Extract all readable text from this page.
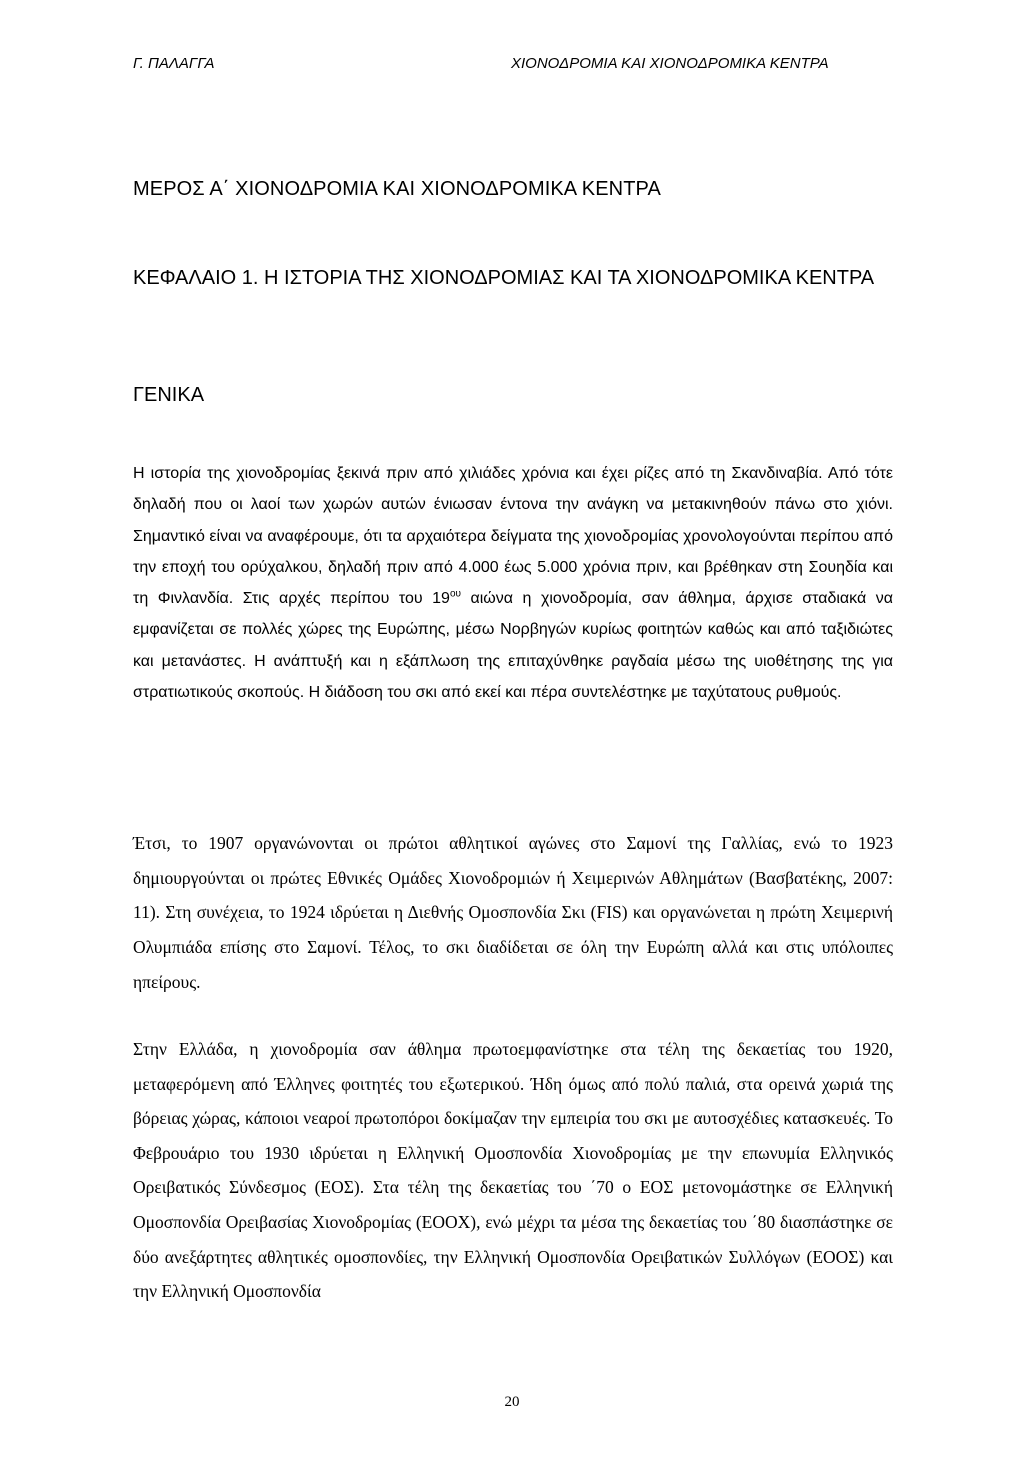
Γ. ΠΑΛΑΓΓΑ	ΧΙΟΝΟΔΡΟΜΙΑ ΚΑΙ ΧΙΟΝΟΔΡΟΜΙΚΑ ΚΕΝΤΡΑ
ΜΕΡΟΣ Α΄ ΧΙΟΝΟΔΡΟΜΙΑ ΚΑΙ ΧΙΟΝΟΔΡΟΜΙΚΑ ΚΕΝΤΡΑ
ΚΕΦΑΛΑΙΟ 1. Η ΙΣΤΟΡΙΑ ΤΗΣ ΧΙΟΝΟΔΡΟΜΙΑΣ ΚΑΙ ΤΑ ΧΙΟΝΟΔΡΟΜΙΚΑ ΚΕΝΤΡΑ
ΓΕΝΙΚΑ

Η ιστορία της χιονοδρομίας ξεκινά πριν από χιλιάδες χρόνια και έχει ρίζες από τη Σκανδιναβία. Από τότε δηλαδή που οι λαοί των χωρών αυτών ένιωσαν έντονα την ανάγκη να μετακινηθούν πάνω στο χιόνι. Σημαντικό είναι να αναφέρουμε, ότι τα αρχαιότερα δείγματα της χιονοδρομίας χρονολογούνται περίπου από την εποχή του ορύχαλκου, δηλαδή πριν από 4.000 έως 5.000 χρόνια πριν, και βρέθηκαν στη Σουηδία και τη Φινλανδία. Στις αρχές περίπου του $19^{o\upsilon}$ αιώνα η χιονοδρομία, σαν άθλημα, άρχισε σταδιακά να εμφανίζεται σε πολλές χώρες της Ευρώπης, μέσω Νορβηγών κυρίως φοιτητών καθώς και από ταξιδιώτες και μετανάστες. Η ανάπτυξή και η εξάπλωση της επιταχύνθηκε ραγδαία μέσω της υιοθέτησης της για στρατιωτικούς σκοπούς. Η διάδοση του σκι από εκεί και πέρα συντελέστηκε με ταχύτατους ρυθμούς.

Έτσι, το 1907 οργανώνονται οι πρώτοι αθλητικοί αγώνες στο Σαμονί της Γαλλίας, ενώ το 1923 δημιουργούνται οι πρώτες Εθνικές Ομάδες Χιονοδρομιών ή Χειμερινών Αθλημάτων (Βασβατέκης, 2007: 11). Στη συνέχεια, το 1924 ιδρύεται η Διεθνής Ομοσπονδία Σκι (FIS) και οργανώνεται η πρώτη Χειμερινή Ολυμπιάδα επίσης στο Σαμονί. Τέλος, το σκι διαδίδεται σε όλη την Ευρώπη αλλά και στις υπόλοιπες ηπείρους.

Στην Ελλάδα, η χιονοδρομία σαν άθλημα πρωτοεμφανίστηκε στα τέλη της δεκαετίας του 1920, μεταφερόμενη από Έλληνες φοιτητές του εξωτερικού. Ήδη όμως από πολύ παλιά, στα ορεινά χωριά της βόρειας χώρας, κάποιοι νεαροί πρωτοπόροι δοκίμαζαν την εμπειρία του σκι με αυτοσχέδιες κατασκευές. Το Φεβρουάριο του 1930 ιδρύεται η Ελληνική Ομοσπονδία Χιονοδρομίας με την επωνυμία Ελληνικός Ορειβατικός Σύνδεσμος (ΕΟΣ). Στα τέλη της δεκαετίας του ΄70 ο ΕΟΣ μετονομάστηκε σε Ελληνική Ομοσπονδία Ορειβασίας Χιονοδρομίας (ΕΟΟΧ), ενώ μέχρι τα μέσα της δεκαετίας του ΄80 διασπάστηκε σε δύο ανεξάρτητες αθλητικές ομοσπονδίες, την Ελληνική Ομοσπονδία Ορειβατικών Συλλόγων (ΕΟΟΣ) και την Ελληνική Ομοσπονδία

20
